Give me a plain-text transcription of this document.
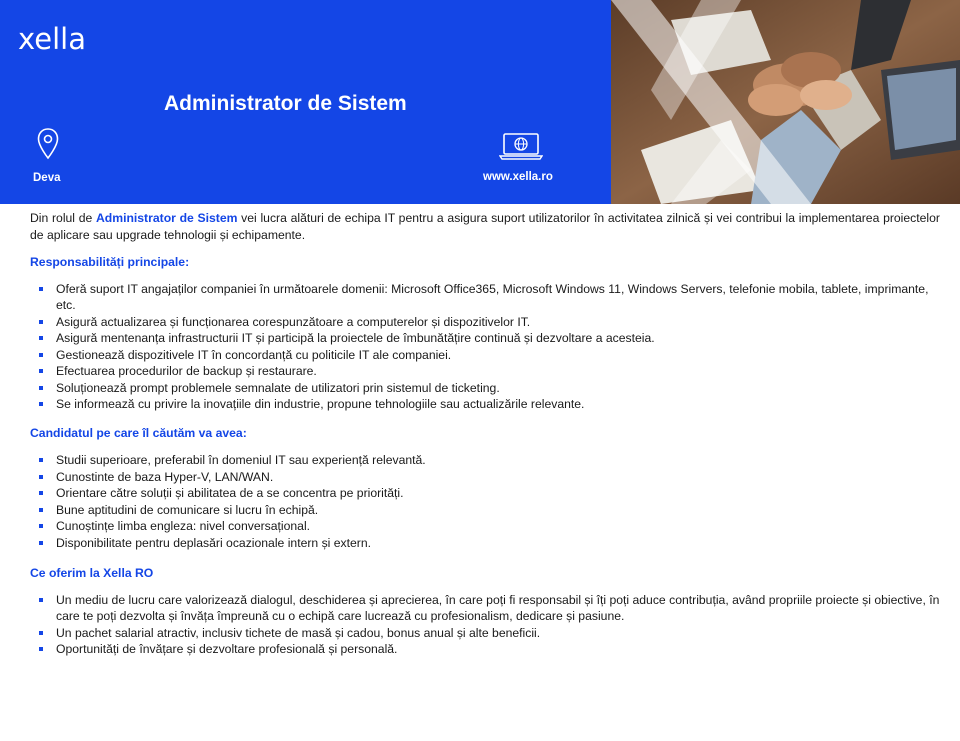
xella
Administrator de Sistem
Deva	www.xella.ro

Din rolul de Administrator de Sistem vei lucra alături de echipa IT pentru a asigura suport utilizatorilor în activitatea zilnică și vei contribui la implementarea proiectelor de aplicare sau upgrade tehnologii și echipamente.

Responsabilități principale:

Oferă suport IT angajaților companiei în următoarele domenii: Microsoft Office365, Microsoft Windows 11, Windows Servers, telefonie mobila, tablete, imprimante, etc.
Asigură actualizarea și funcționarea corespunzătoare a computerelor și dispozitivelor IT.
Asigură mentenanța infrastructurii IT și participă la proiectele de îmbunătățire continuă și dezvoltare a acesteia.
Gestionează dispozitivele IT în concordanță cu politicile IT ale companiei.
Efectuarea procedurilor de backup și restaurare.
Soluționează prompt problemele semnalate de utilizatori prin sistemul de ticketing.
Se informează cu privire la inovațiile din industrie, propune tehnologiile sau actualizările relevante.

Candidatul pe care îl căutăm va avea:

Studii superioare, preferabil în domeniul IT sau experiență relevantă.
Cunostinte de baza Hyper-V, LAN/WAN.
Orientare către soluții și abilitatea de a se concentra pe priorități.
Bune aptitudini de comunicare si lucru în echipă.
Cunoștințe limba engleza: nivel conversațional.
Disponibilitate pentru deplasări ocazionale intern și extern.

Ce oferim la Xella RO

Un mediu de lucru care valorizează dialogul, deschiderea și aprecierea, în care poți fi responsabil și îți poți aduce contribuția, având propriile proiecte și obiective, în care te poți dezvolta și învăța împreună cu o echipă care lucrează cu profesionalism, dedicare și pasiune.
Un pachet salarial atractiv, inclusiv tichete de masă și cadou, bonus anual și alte beneficii.
Oportunități de învățare și dezvoltare profesională și personală.
